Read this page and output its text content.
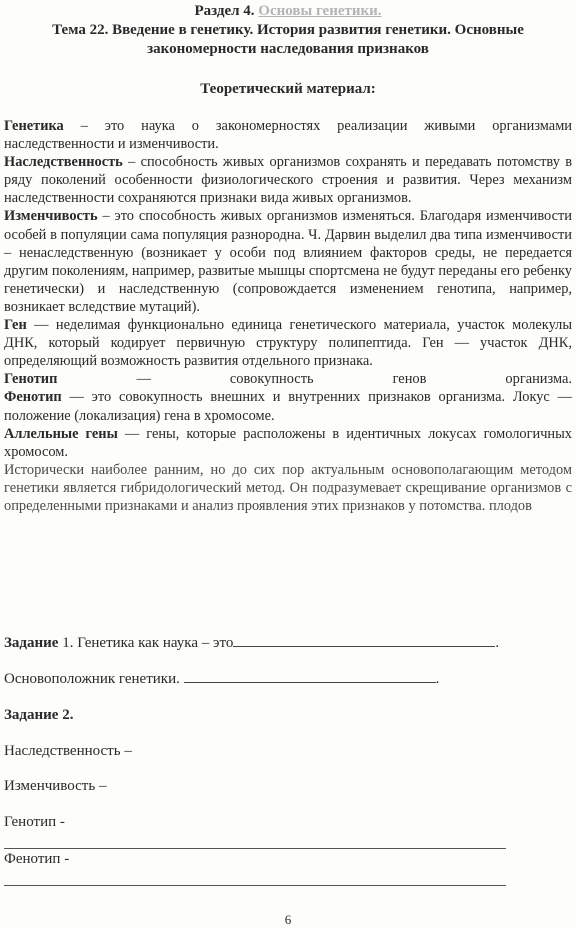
Раздел 4. Основы генетики.
Тема 22. Введение в генетику. История развития генетики. Основные закономерности наследования признаков
Теоретический материал:

Генетика – это наука о закономерностях реализации живыми организмами наследственности и изменчивости.

Наследственность – способность живых организмов сохранять и передавать потомству в ряду поколений особенности физиологического строения и развития. Через механизм наследственности сохраняются признаки вида живых организмов.

Изменчивость – это способность живых организмов изменяться. Благодаря изменчивости особей в популяции сама популяция разнородна. Ч. Дарвин выделил два типа изменчивости – ненаследственную (возникает у особи под влиянием факторов среды, не передается другим поколениям, например, развитые мышцы спортсмена не будут переданы его ребенку генетически) и наследственную (сопровождается изменением генотипа, например, возникает вследствие мутаций).

Ген — неделимая функционально единица генетического материала, участок молекулы ДНК, который кодирует первичную структуру полипептида. Ген — участок ДНК, определяющий возможность развития отдельного признака.

Генотип — совокупность генов организма.

Фенотип — это совокупность внешних и внутренних признаков организма. Локус — положение (локализация) гена в хромосоме.

Аллельные гены — гены, которые расположены в идентичных локусах гомологичных хромосом.

Исторически наиболее ранним, но до сих пор актуальным основополагающим методом генетики является гибридологический метод. Он подразумевает скрещивание организмов с определенными признаками и анализ проявления этих признаков у потомства. плодов

Задание 1. Генетика как наука – это	.
Основоположник генетики.	.
Задание 2.
Наследственность –
Изменчивость –
Генотип -
Фенотип -
6
